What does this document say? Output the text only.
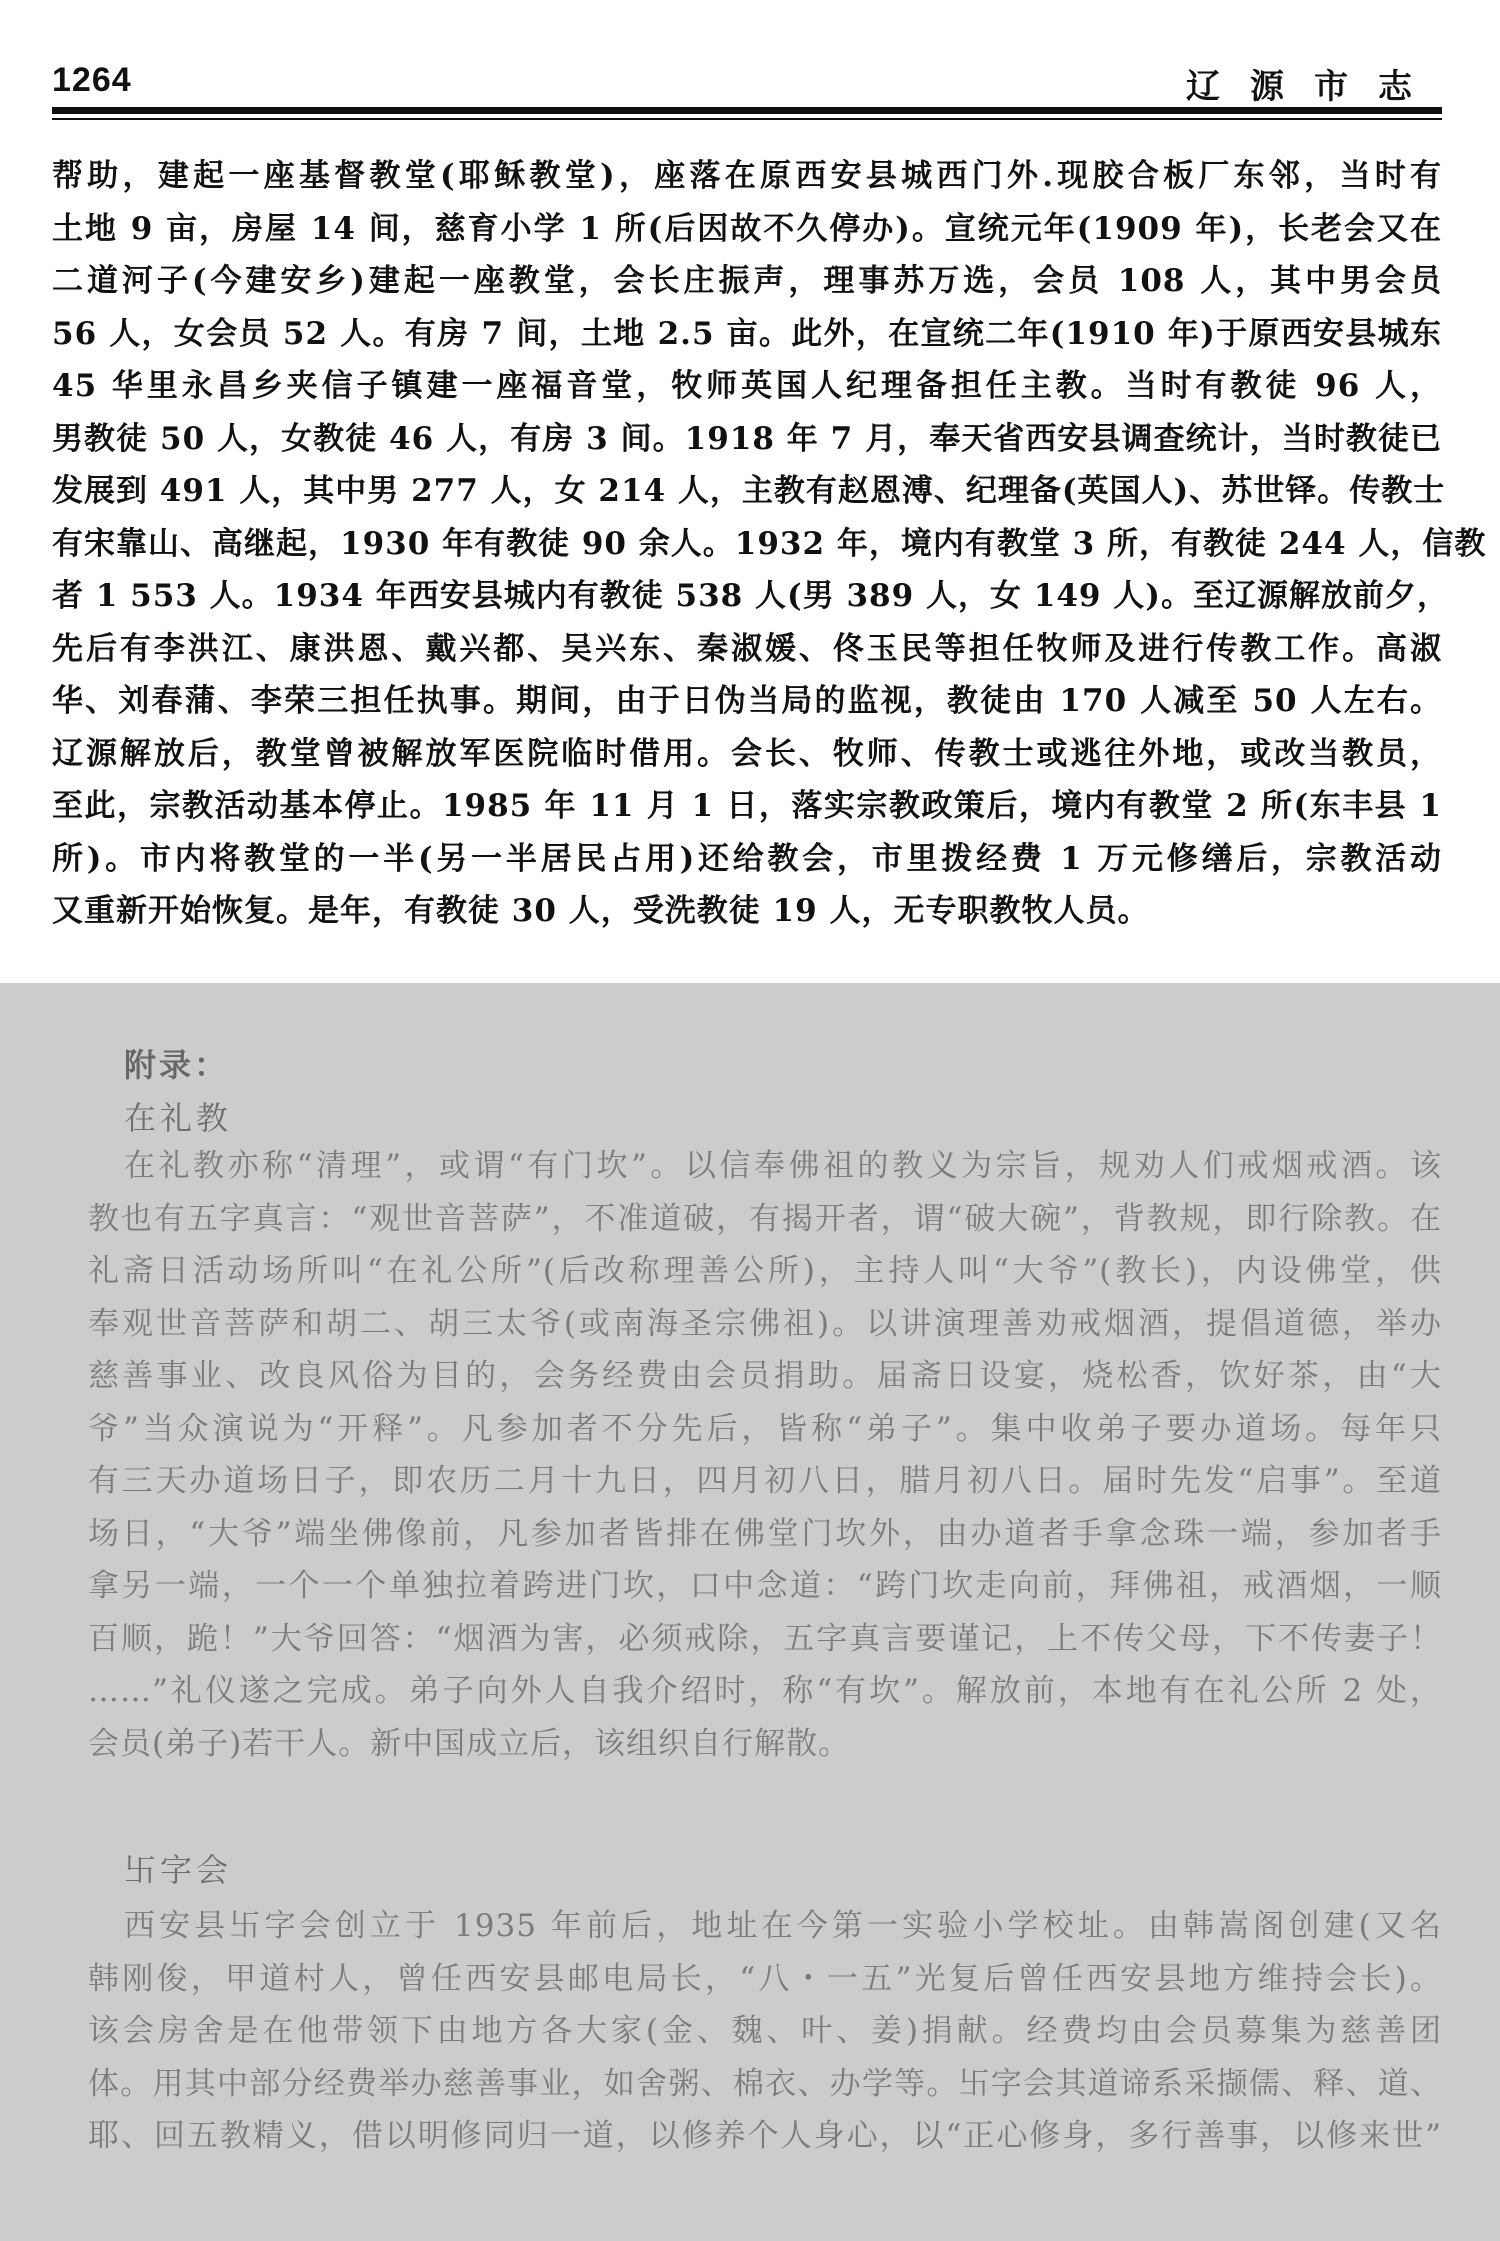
1264	辽源市志
帮助，建起一座基督教堂(耶稣教堂)，座落在原西安县城西门外.现胶合板厂东邻，当时有
土地 9 亩，房屋 14 间，慈育小学 1 所(后因故不久停办)。宣统元年(1909 年)，长老会又在
二道河子(今建安乡)建起一座教堂，会长庄振声，理事苏万选，会员 108 人，其中男会员
56 人，女会员 52 人。有房 7 间，土地 2.5 亩。此外，在宣统二年(1910 年)于原西安县城东
45 华里永昌乡夹信子镇建一座福音堂，牧师英国人纪理备担任主教。当时有教徒 96 人，
男教徒 50 人，女教徒 46 人，有房 3 间。1918 年 7 月，奉天省西安县调查统计，当时教徒已
发展到 491 人，其中男 277 人，女 214 人，主教有赵恩溥、纪理备(英国人)、苏世铎。传教士
有宋靠山、高继起，1930 年有教徒 90 余人。1932 年，境内有教堂 3 所，有教徒 244 人，信教
者 1 553 人。1934 年西安县城内有教徒 538 人(男 389 人，女 149 人)。至辽源解放前夕，
先后有李洪江、康洪恩、戴兴都、吴兴东、秦淑媛、佟玉民等担任牧师及进行传教工作。高淑
华、刘春蒲、李荣三担任执事。期间，由于日伪当局的监视，教徒由 170 人减至 50 人左右。
辽源解放后，教堂曾被解放军医院临时借用。会长、牧师、传教士或逃往外地，或改当教员，
至此，宗教活动基本停止。1985 年 11 月 1 日，落实宗教政策后，境内有教堂 2 所(东丰县 1
所)。市内将教堂的一半(另一半居民占用)还给教会，市里拨经费 1 万元修缮后，宗教活动
又重新开始恢复。是年，有教徒 30 人，受洗教徒 19 人，无专职教牧人员。
附录：
在礼教
在礼教亦称“清理”，或谓“有门坎”。以信奉佛祖的教义为宗旨，规劝人们戒烟戒酒。该
教也有五字真言：“观世音菩萨”，不准道破，有揭开者，谓“破大碗”，背教规，即行除教。在
礼斋日活动场所叫“在礼公所”(后改称理善公所)，主持人叫“大爷”(教长)，内设佛堂，供
奉观世音菩萨和胡二、胡三太爷(或南海圣宗佛祖)。以讲演理善劝戒烟酒，提倡道德，举办
慈善事业、改良风俗为目的，会务经费由会员捐助。届斋日设宴，烧松香，饮好茶，由“大
爷”当众演说为“开释”。凡参加者不分先后，皆称“弟子”。集中收弟子要办道场。每年只
有三天办道场日子，即农历二月十九日，四月初八日，腊月初八日。届时先发“启事”。至道
场日，“大爷”端坐佛像前，凡参加者皆排在佛堂门坎外，由办道者手拿念珠一端，参加者手
拿另一端，一个一个单独拉着跨进门坎，口中念道：“跨门坎走向前，拜佛祖，戒酒烟，一顺
百顺，跪！”大爷回答：“烟酒为害，必须戒除，五字真言要谨记，上不传父母，下不传妻子！
……”礼仪遂之完成。弟子向外人自我介绍时，称“有坎”。解放前，本地有在礼公所 2 处，
会员(弟子)若干人。新中国成立后，该组织自行解散。
卐字会
西安县卐字会创立于 1935 年前后，地址在今第一实验小学校址。由韩嵩阁创建(又名
韩刚俊，甲道村人，曾任西安县邮电局长，“八・一五”光复后曾任西安县地方维持会长)。
该会房舍是在他带领下由地方各大家(金、魏、叶、姜)捐献。经费均由会员募集为慈善团
体。用其中部分经费举办慈善事业，如舍粥、棉衣、办学等。卐字会其道谛系采撷儒、释、道、
耶、回五教精义，借以明修同归一道，以修养个人身心，以“正心修身，多行善事，以修来世”
